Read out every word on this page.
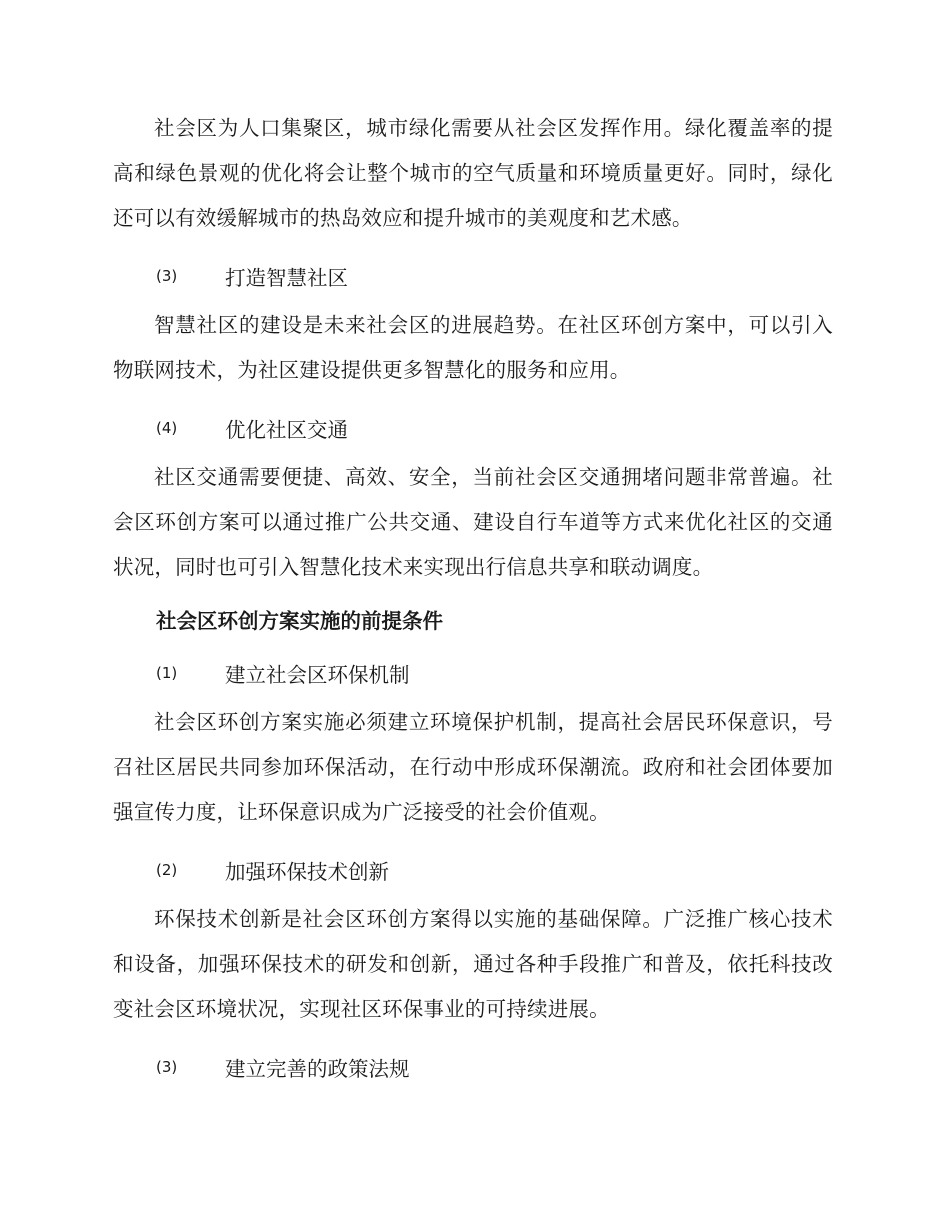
社会区为人口集聚区，城市绿化需要从社会区发挥作用。绿化覆盖率的提高和绿色景观的优化将会让整个城市的空气质量和环境质量更好。同时，绿化还可以有效缓解城市的热岛效应和提升城市的美观度和艺术感。

(3)	打造智慧社区

智慧社区的建设是未来社会区的进展趋势。在社区环创方案中，可以引入物联网技术，为社区建设提供更多智慧化的服务和应用。

(4)	优化社区交通

社区交通需要便捷、高效、安全，当前社会区交通拥堵问题非常普遍。社会区环创方案可以通过推广公共交通、建设自行车道等方式来优化社区的交通状况，同时也可引入智慧化技术来实现出行信息共享和联动调度。

社会区环创方案实施的前提条件
(1)	建立社会区环保机制

社会区环创方案实施必须建立环境保护机制，提高社会居民环保意识，号召社区居民共同参加环保活动，在行动中形成环保潮流。政府和社会团体要加强宣传力度，让环保意识成为广泛接受的社会价值观。

(2)	加强环保技术创新

环保技术创新是社会区环创方案得以实施的基础保障。广泛推广核心技术和设备，加强环保技术的研发和创新，通过各种手段推广和普及，依托科技改变社会区环境状况，实现社区环保事业的可持续进展。

(3)	建立完善的政策法规
